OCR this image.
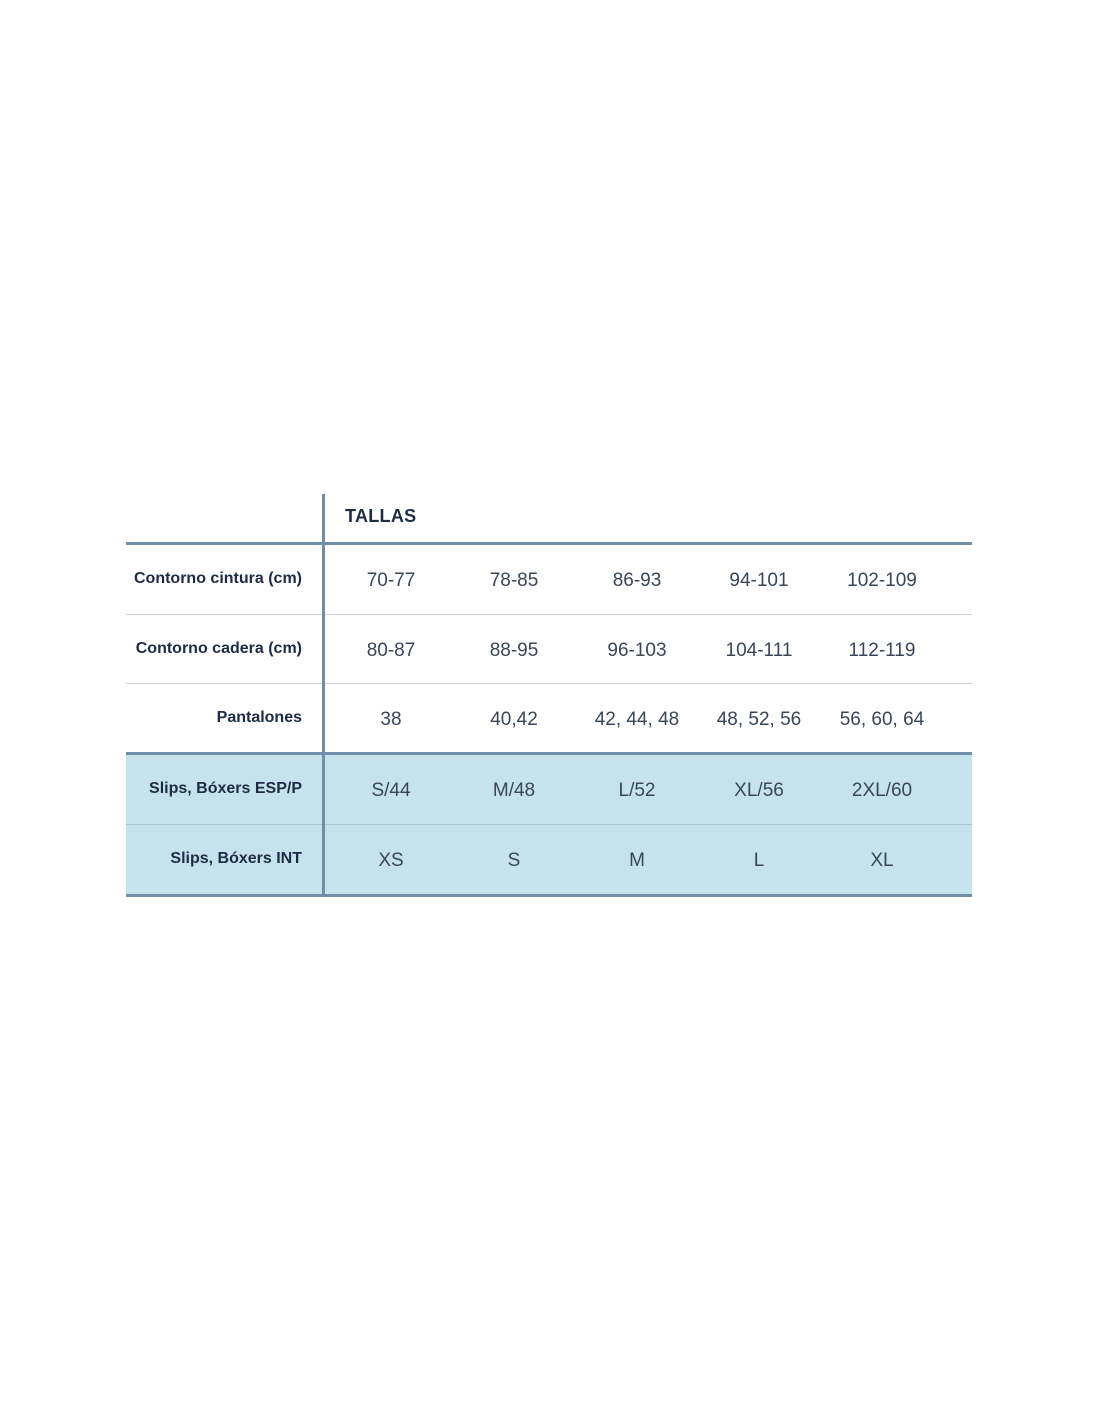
TALLAS
Contorno cintura (cm)	70-77	78-85	86-93	94-101	102-109
Contorno cadera (cm)	80-87	88-95	96-103	104-111	112-119
Pantalones	38	40,42	42, 44, 48	48, 52, 56	56, 60, 64
Slips, Bóxers ESP/P	S/44	M/48	L/52	XL/56	2XL/60
Slips, Bóxers INT	XS	S	M	L	XL
